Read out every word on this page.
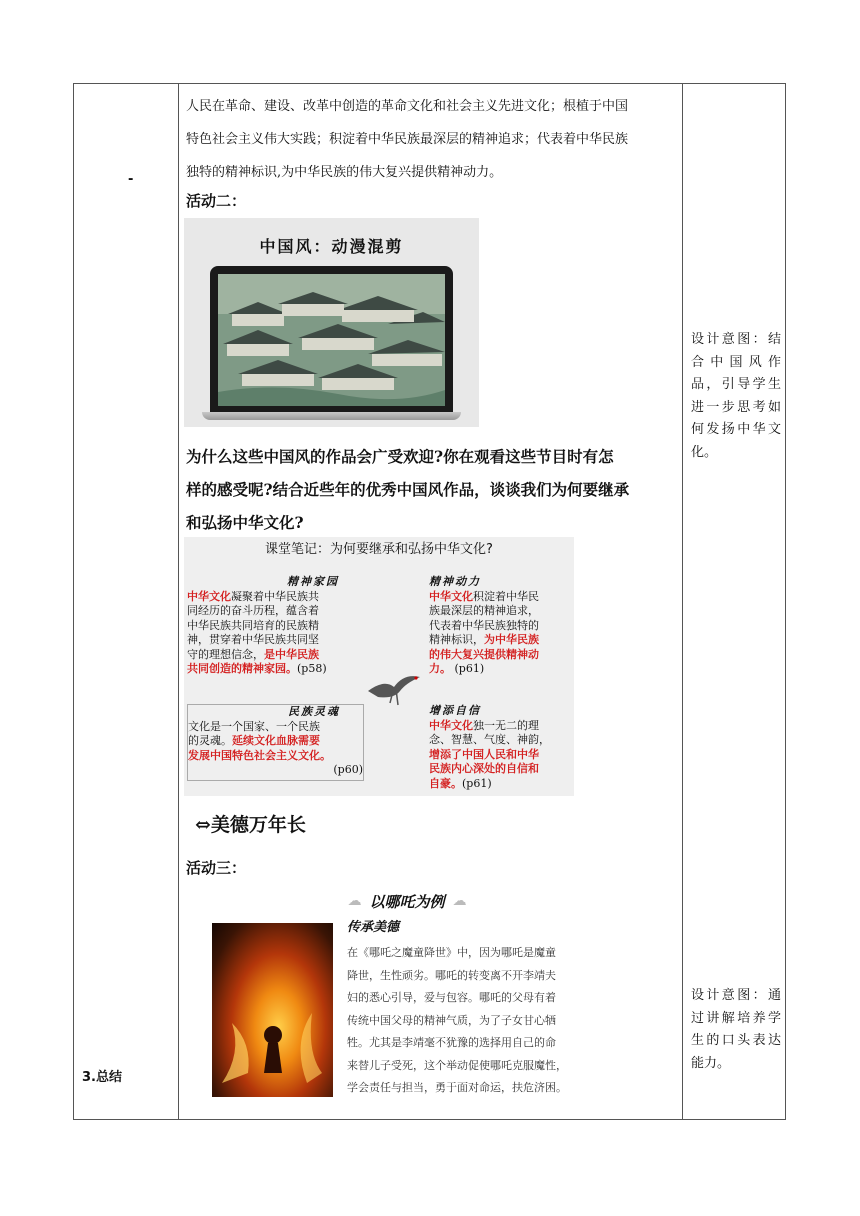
-
3.总结
人民在革命、建设、改革中创造的革命文化和社会主义先进文化；根植于中国
特色社会主义伟大实践；积淀着中华民族最深层的精神追求；代表着中华民族
独特的精神标识,为中华民族的伟大复兴提供精神动力。
活动二：
中国风：动漫混剪
为什么这些中国风的作品会广受欢迎?你在观看这些节目时有怎
样的感受呢?结合近些年的优秀中国风作品，谈谈我们为何要继承
和弘扬中华文化?
课堂笔记：为何要继承和弘扬中华文化?
精神家园
中华文化凝聚着中华民族共
同经历的奋斗历程，蕴含着
中华民族共同培育的民族精
神，贯穿着中华民族共同坚
守的理想信念，是中华民族
共同创造的精神家园。(p58)
精神动力
中华文化积淀着中华民
族最深层的精神追求，
代表着中华民族独特的
精神标识，为中华民族
的伟大复兴提供精神动
力。 (p61)
民族灵魂
文化是一个国家、一个民族
的灵魂。延续文化血脉需要
发展中国特色社会主义文化。
(p60)
增添自信
中华文化独一无二的理
念、智慧、气度、神韵，
增添了中国人民和中华
民族内心深处的自信和
自豪。(p61)
⇔美德万年长
活动三：
☁ 以哪吒为例 ☁
传承美德
在《哪吒之魔童降世》中，因为哪吒是魔童
降世，生性顽劣。哪吒的转变离不开李靖夫
妇的悉心引导，爱与包容。哪吒的父母有着
传统中国父母的精神气质，为了子女甘心牺
牲。尤其是李靖毫不犹豫的选择用自己的命
来替儿子受死，这个举动促使哪吒克服魔性，
学会责任与担当，勇于面对命运，扶危济困。
设计意图：结合中国风作品，引导学生进一步思考如何发扬中华文化。
设计意图：通过讲解培养学生的口头表达能力。
